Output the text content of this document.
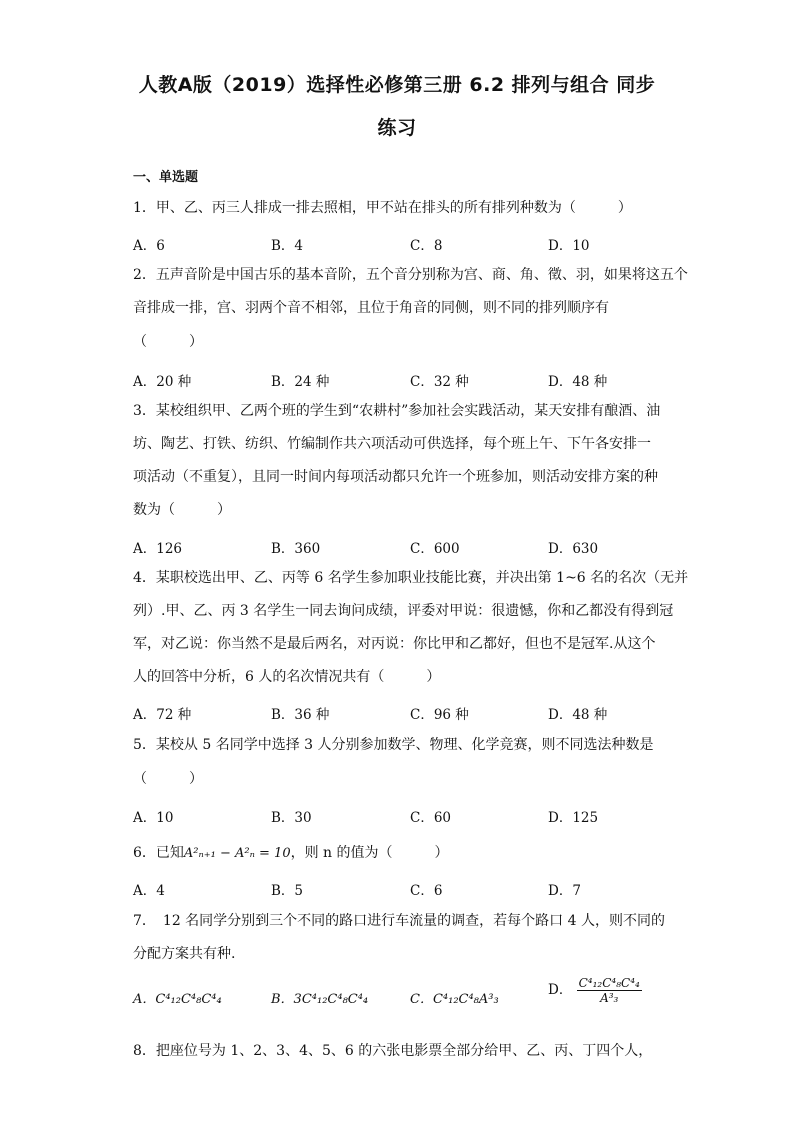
人教A版（2019）选择性必修第三册 6.2 排列与组合 同步
练习
一、单选题
1．甲、乙、丙三人排成一排去照相，甲不站在排头的所有排列种数为（　　　）
A．6	B．4	C．8	D．10
2．五声音阶是中国古乐的基本音阶，五个音分别称为宫、商、角、徵、羽，如果将这五个
音排成一排，宫、羽两个音不相邻，且位于角音的同侧，则不同的排列顺序有
（　　　）
A．20 种	B．24 种	C．32 种	D．48 种
3．某校组织甲、乙两个班的学生到“农耕村”参加社会实践活动，某天安排有酿酒、油
坊、陶艺、打铁、纺织、竹编制作共六项活动可供选择，每个班上午、下午各安排一
项活动（不重复），且同一时间内每项活动都只允许一个班参加，则活动安排方案的种
数为（　　　）
A．126	B．360	C．600	D．630
4．某职校选出甲、乙、丙等 6 名学生参加职业技能比赛，并决出第 1~6 名的名次（无并
列）.甲、乙、丙 3 名学生一同去询问成绩，评委对甲说：很遗憾，你和乙都没有得到冠
军，对乙说：你当然不是最后两名，对丙说：你比甲和乙都好，但也不是冠军.从这个
人的回答中分析，6 人的名次情况共有（　　　）
A．72 种	B．36 种	C．96 种	D．48 种
5．某校从 5 名同学中选择 3 人分别参加数学、物理、化学竞赛，则不同选法种数是
（　　　）
A．10	B．30	C．60	D．125
6．已知A²ₙ₊₁ − A²ₙ = 10，则 n 的值为（　　　）
A．4	B．5	C．6	D．7
7．　12 名同学分别到三个不同的路口进行车流量的调查，若每个路口 4 人，则不同的
分配方案共有种.
A．C⁴₁₂C⁴₈C⁴₄	B．3C⁴₁₂C⁴₈C⁴₄	C．C⁴₁₂C⁴₈A³₃
D． $\frac{\text{C⁴₁₂C⁴₈C⁴₄}}{\text{A³₃}}$
8．把座位号为 1、2、3、4、5、6 的六张电影票全部分给甲、乙、丙、丁四个人，
